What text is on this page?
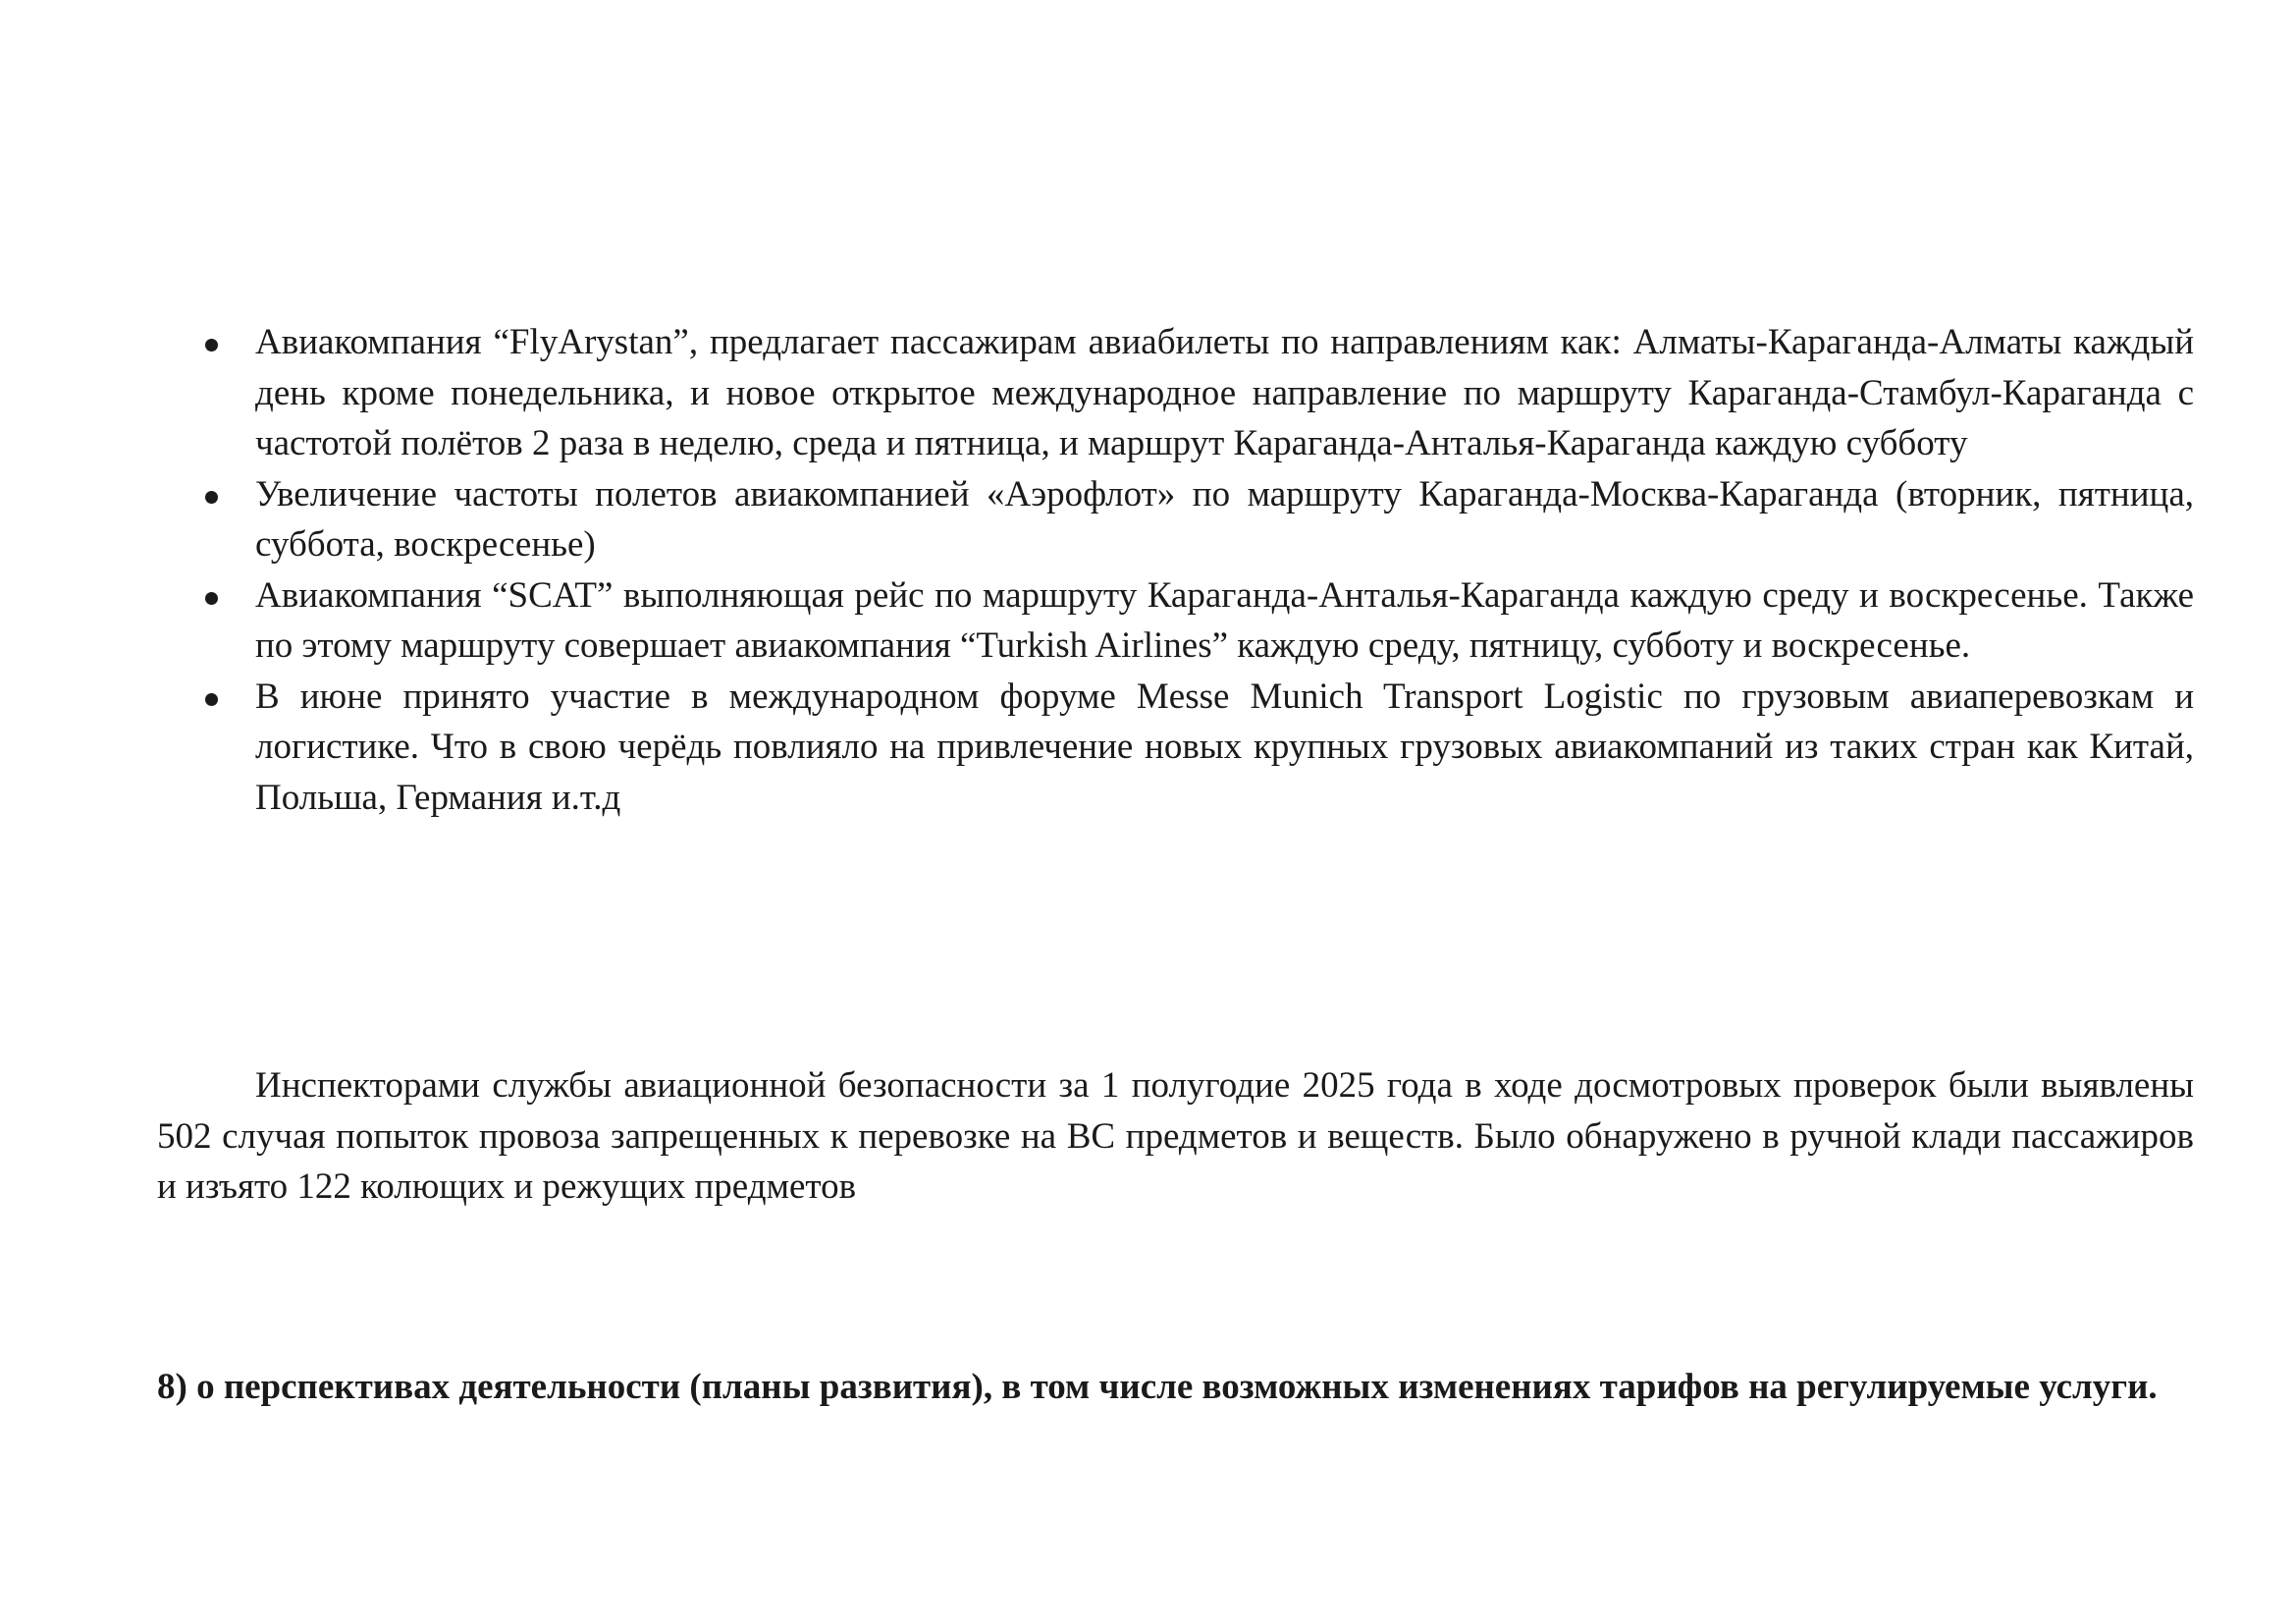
Авиакомпания “FlyArystan”, предлагает пассажирам авиабилеты по направлениям как: Алматы-Караганда-Алматы каждый день кроме понедельника, и новое открытое международное направление по маршруту Караганда-Стамбул-Караганда с частотой полётов 2 раза в неделю, среда и пятница, и маршрут Караганда-Анталья-Караганда каждую субботу
Увеличение частоты полетов авиакомпанией «Аэрофлот» по маршруту Караганда-Москва-Караганда (вторник, пятница, суббота, воскресенье)
Авиакомпания “SCAT” выполняющая рейс по маршруту Караганда-Анталья-Караганда каждую среду и воскресенье. Также по этому маршруту совершает авиакомпания “Turkish Airlines” каждую среду, пятницу, субботу и воскресенье.
В июне принято участие в международном форуме Messe Munich Transport Logistic по грузовым авиаперевозкам и логистике. Что в свою черёдь повлияло на привлечение новых крупных грузовых авиакомпаний из таких стран как Китай, Польша, Германия и.т.д

Инспекторами службы авиационной безопасности за 1 полугодие 2025 года в ходе досмотровых проверок были выявлены 502 случая попыток провоза запрещенных к перевозке на ВС предметов и веществ. Было обнаружено в ручной клади пассажиров и изъято 122 колющих и режущих предметов

8) о перспективах деятельности (планы развития), в том числе возможных изменениях тарифов на регулируемые услуги.
